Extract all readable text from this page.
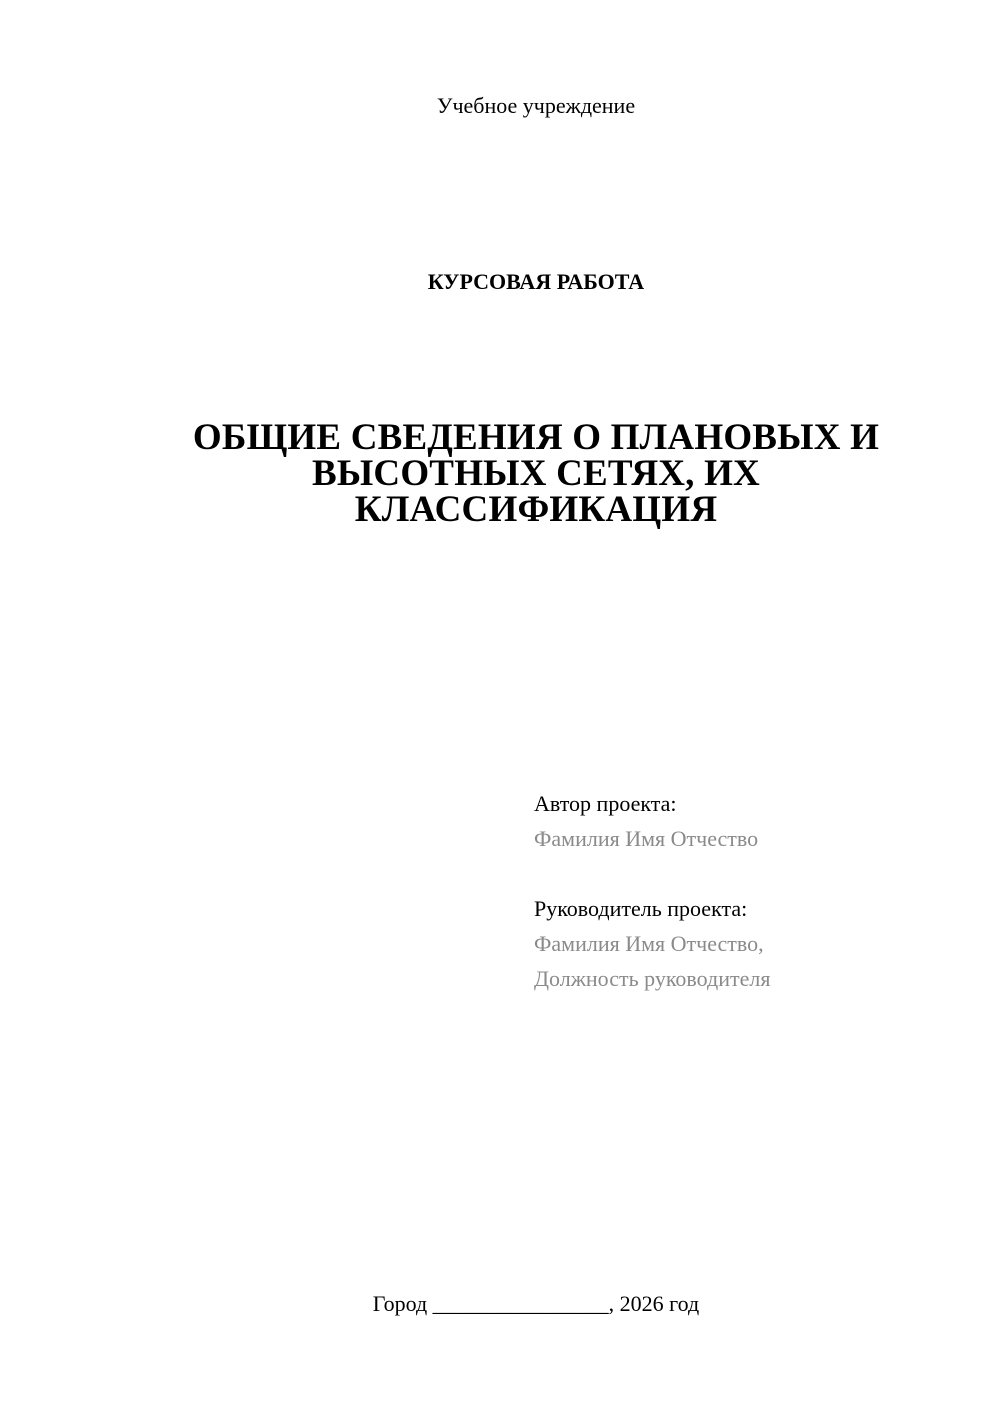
Учебное учреждение
КУРСОВАЯ РАБОТА
ОБЩИЕ СВЕДЕНИЯ О ПЛАНОВЫХ И
ВЫСОТНЫХ СЕТЯХ, ИХ
КЛАССИФИКАЦИЯ
Автор проекта:
Фамилия Имя Отчество
Руководитель проекта:
Фамилия Имя Отчество,
Должность руководителя
Город ________________, 2026 год
